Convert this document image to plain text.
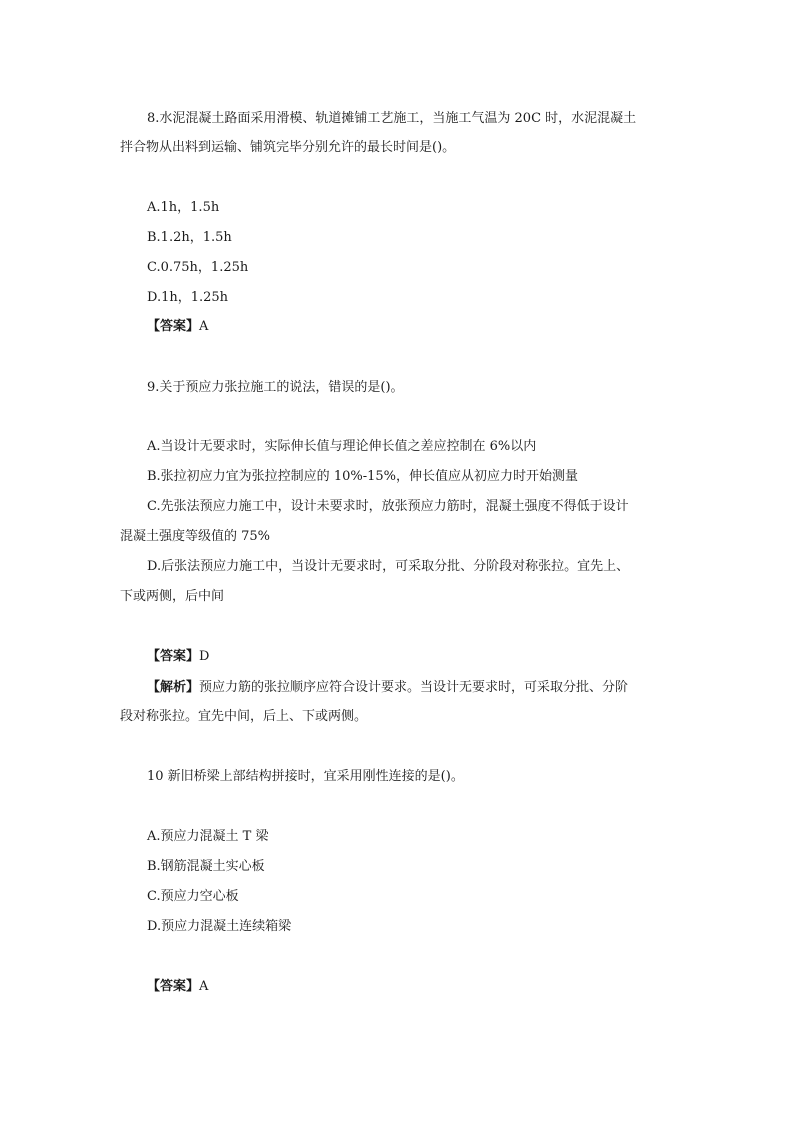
8.水泥混凝土路面采用滑模、轨道摊铺工艺施工，当施工气温为 20C 时，水泥混凝土
拌合物从出料到运输、铺筑完毕分别允许的最长时间是()。
A.1h，1.5h
B.1.2h，1.5h
C.0.75h，1.25h
D.1h，1.25h
【答案】A
9.关于预应力张拉施工的说法，错误的是()。
A.当设计无要求时，实际伸长值与理论伸长值之差应控制在 6%以内
B.张拉初应力宜为张拉控制应的 10%-15%，伸长值应从初应力时开始测量
C.先张法预应力施工中，设计未要求时，放张预应力筋时，混凝土强度不得低于设计
混凝土强度等级值的 75%
D.后张法预应力施工中，当设计无要求时，可采取分批、分阶段对称张拉。宜先上、
下或两侧，后中间
【答案】D
【解析】预应力筋的张拉顺序应符合设计要求。当设计无要求时，可采取分批、分阶
段对称张拉。宜先中间，后上、下或两侧。
10 新旧桥梁上部结构拼接时，宜采用刚性连接的是()。
A.预应力混凝土 T 梁
B.钢筋混凝土实心板
C.预应力空心板
D.预应力混凝土连续箱梁
【答案】A
